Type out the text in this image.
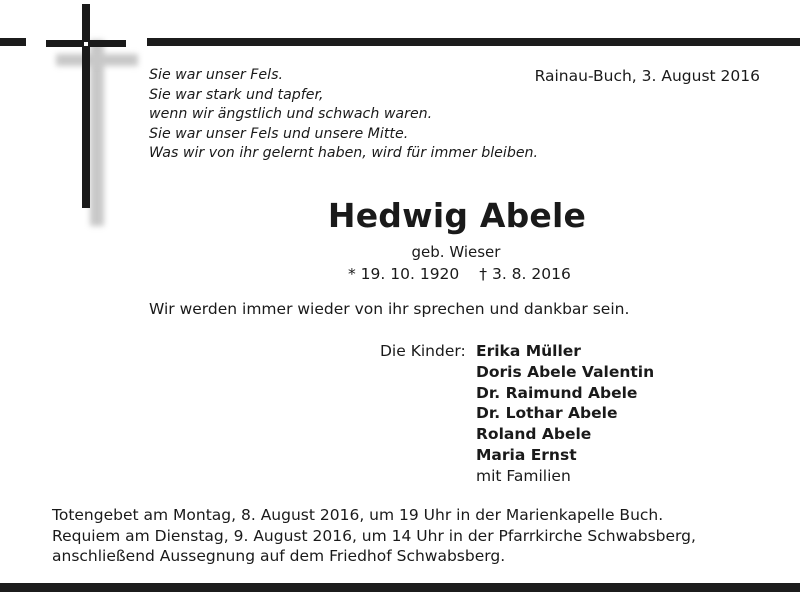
Sie war unser Fels.
Sie war stark und tapfer,
wenn wir ängstlich und schwach waren.
Sie war unser Fels und unsere Mitte.
Was wir von ihr gelernt haben, wird für immer bleiben.
Rainau-Buch, 3. August 2016
Hedwig Abele
geb. Wieser
* 19. 10. 1920 † 3. 8. 2016
Wir werden immer wieder von ihr sprechen und dankbar sein.
Die Kinder: Erika Müller
Doris Abele Valentin
Dr. Raimund Abele
Dr. Lothar Abele
Roland Abele
Maria Ernst
mit Familien
Totengebet am Montag, 8. August 2016, um 19 Uhr in der Marienkapelle Buch.
Requiem am Dienstag, 9. August 2016, um 14 Uhr in der Pfarrkirche Schwabsberg,
anschließend Aussegnung auf dem Friedhof Schwabsberg.
